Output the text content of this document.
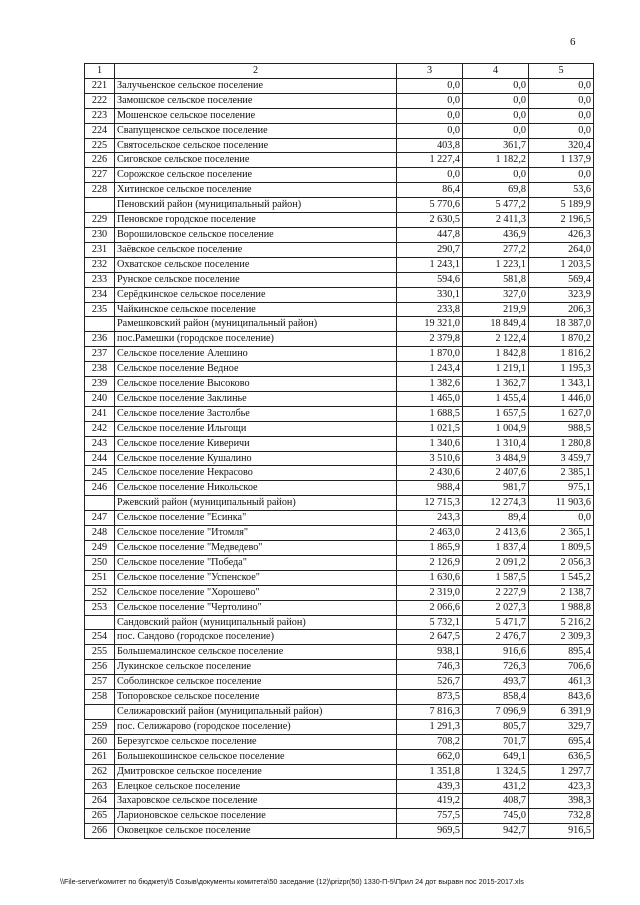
6
1	2	3	4	5
221	Залучьенское сельское поселение	0,0	0,0	0,0
222	Замошское сельское поселение	0,0	0,0	0,0
223	Мошенское сельское поселение	0,0	0,0	0,0
224	Свапущенское сельское поселение	0,0	0,0	0,0
225	Святосельское сельское поселение	403,8	361,7	320,4
226	Сиговское сельское поселение	1 227,4	1 182,2	1 137,9
227	Сорожское сельское поселение	0,0	0,0	0,0
228	Хитинское сельское поселение	86,4	69,8	53,6
	Пеновский район (муниципальный район)	5 770,6	5 477,2	5 189,9
229	Пеновское городское поселение	2 630,5	2 411,3	2 196,5
230	Ворошиловское сельское поселение	447,8	436,9	426,3
231	Заёвское сельское поселение	290,7	277,2	264,0
232	Охватское сельское поселение	1 243,1	1 223,1	1 203,5
233	Рунское сельское поселение	594,6	581,8	569,4
234	Серёдкинское сельское поселение	330,1	327,0	323,9
235	Чайкинское сельское поселение	233,8	219,9	206,3
	Рамешковский район (муниципальный район)	19 321,0	18 849,4	18 387,0
236	пос.Рамешки (городское поселение)	2 379,8	2 122,4	1 870,2
237	Сельское поселение Алешино	1 870,0	1 842,8	1 816,2
238	Сельское поселение Ведное	1 243,4	1 219,1	1 195,3
239	Сельское поселение Высоково	1 382,6	1 362,7	1 343,1
240	Сельское поселение Заклинье	1 465,0	1 455,4	1 446,0
241	Сельское поселение Застолбье	1 688,5	1 657,5	1 627,0
242	Сельское поселение Ильгощи	1 021,5	1 004,9	988,5
243	Сельское поселение Киверичи	1 340,6	1 310,4	1 280,8
244	Сельское поселение Кушалино	3 510,6	3 484,9	3 459,7
245	Сельское поселение Некрасово	2 430,6	2 407,6	2 385,1
246	Сельское поселение Никольское	988,4	981,7	975,1
	Ржевский район (муниципальный район)	12 715,3	12 274,3	11 903,6
247	Сельское поселение "Есинка"	243,3	89,4	0,0
248	Сельское поселение "Итомля"	2 463,0	2 413,6	2 365,1
249	Сельское поселение "Медведево"	1 865,9	1 837,4	1 809,5
250	Сельское поселение "Победа"	2 126,9	2 091,2	2 056,3
251	Сельское поселение "Успенское"	1 630,6	1 587,5	1 545,2
252	Сельское поселение "Хорошево"	2 319,0	2 227,9	2 138,7
253	Сельское поселение "Чертолино"	2 066,6	2 027,3	1 988,8
	Сандовский район (муниципальный район)	5 732,1	5 471,7	5 216,2
254	пос. Сандово (городское поселение)	2 647,5	2 476,7	2 309,3
255	Большемалинское сельское поселение	938,1	916,6	895,4
256	Лукинское сельское поселение	746,3	726,3	706,6
257	Соболинское сельское поселение	526,7	493,7	461,3
258	Топоровское сельское поселение	873,5	858,4	843,6
	Селижаровский район (муниципальный район)	7 816,3	7 096,9	6 391,9
259	пос. Селижарово (городское поселение)	1 291,3	805,7	329,7
260	Березугское сельское поселение	708,2	701,7	695,4
261	Большекошинское сельское поселение	662,0	649,1	636,5
262	Дмитровское сельское поселение	1 351,8	1 324,5	1 297,7
263	Елецкое сельское поселение	439,3	431,2	423,3
264	Захаровское сельское поселение	419,2	408,7	398,3
265	Ларионовское сельское поселение	757,5	745,0	732,8
266	Оковецкое сельское поселение	969,5	942,7	916,5
\\File-server\комитет по бюджету\5 Созыв\документы комитета\50 заседание (12)\prizpr(50) 1330-П-5\Прил 24 дот выравн пос 2015-2017.xls
